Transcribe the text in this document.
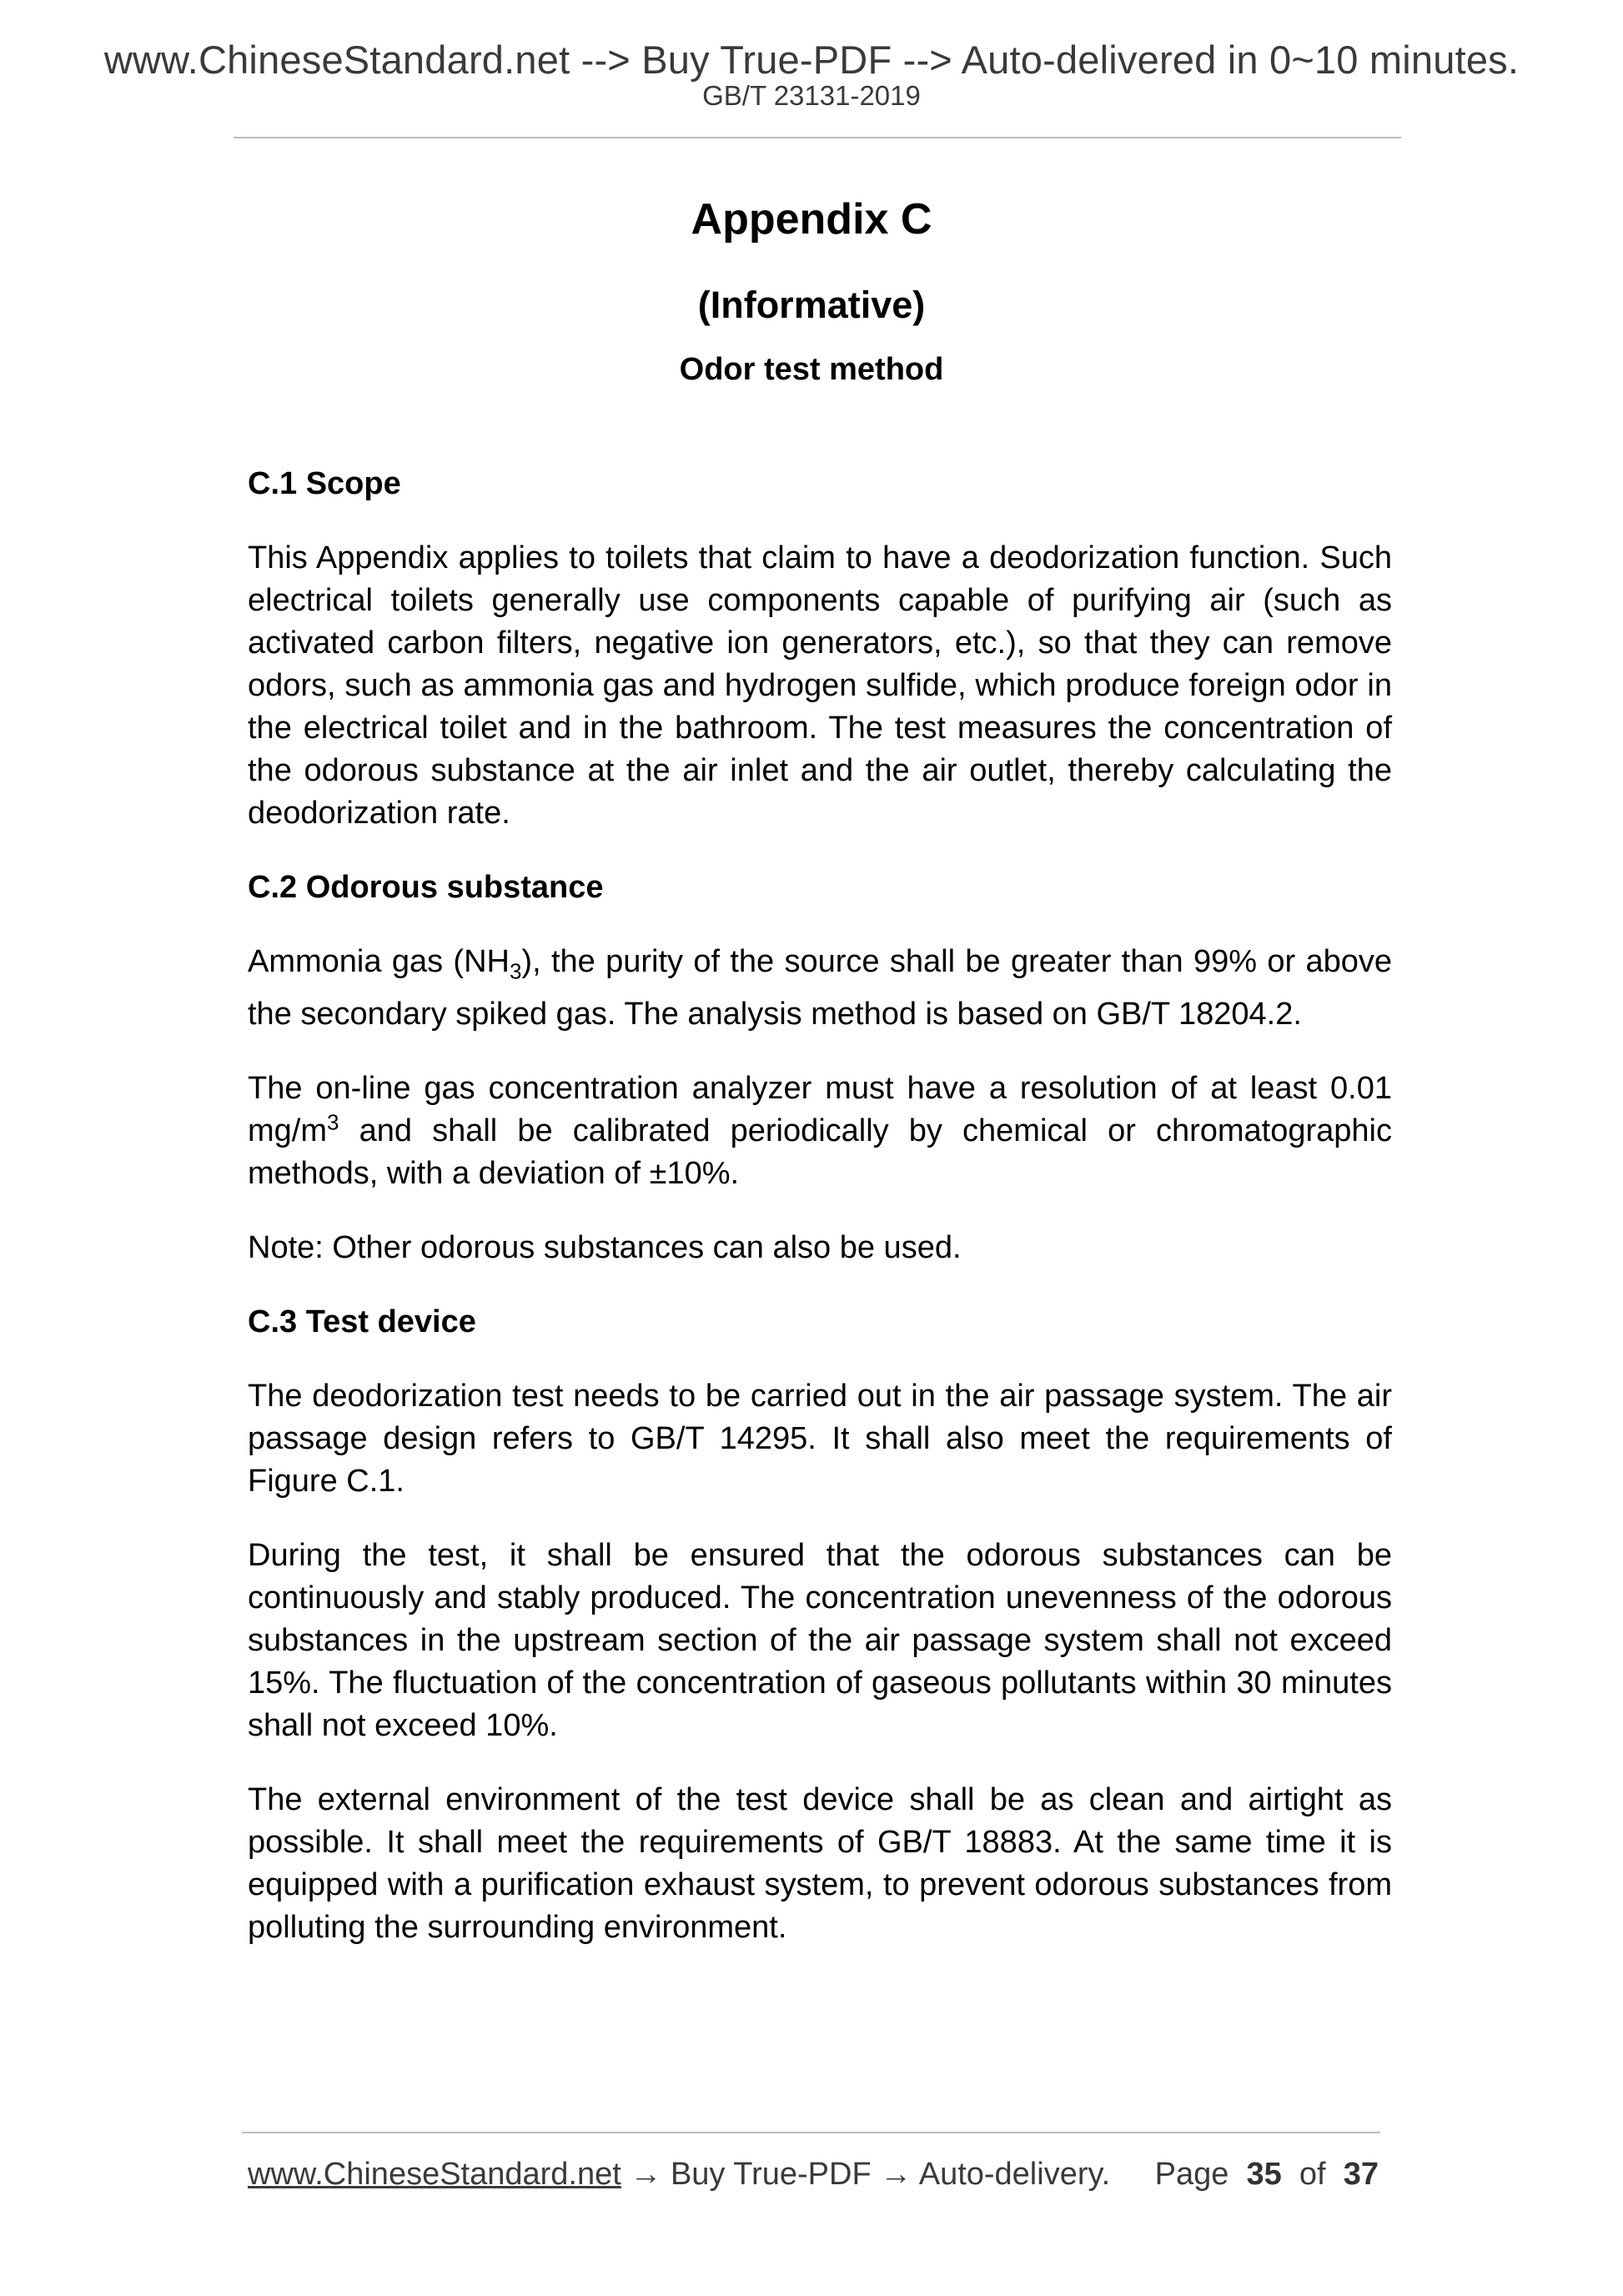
www.ChineseStandard.net --> Buy True-PDF --> Auto-delivered in 0~10 minutes.
GB/T 23131-2019
Appendix C
(Informative)
Odor test method

C.1 Scope

This Appendix applies to toilets that claim to have a deodorization function. Such electrical toilets generally use components capable of purifying air (such as activated carbon filters, negative ion generators, etc.), so that they can remove odors, such as ammonia gas and hydrogen sulfide, which produce foreign odor in the electrical toilet and in the bathroom. The test measures the concentration of the odorous substance at the air inlet and the air outlet, thereby calculating the deodorization rate.

C.2 Odorous substance

Ammonia gas $(NH_3)$, the purity of the source shall be greater than 99% or above the secondary spiked gas. The analysis method is based on GB/T 18204.2.

The on-line gas concentration analyzer must have a resolution of at least 0.01 $mg/m^3$ and shall be calibrated periodically by chemical or chromatographic methods, with a deviation of ±10%.

Note: Other odorous substances can also be used.

C.3 Test device

The deodorization test needs to be carried out in the air passage system. The air passage design refers to GB/T 14295. It shall also meet the requirements of Figure C.1.

During the test, it shall be ensured that the odorous substances can be continuously and stably produced. The concentration unevenness of the odorous substances in the upstream section of the air passage system shall not exceed 15%. The fluctuation of the concentration of gaseous pollutants within 30 minutes shall not exceed 10%.

The external environment of the test device shall be as clean and airtight as possible. It shall meet the requirements of GB/T 18883. At the same time it is equipped with a purification exhaust system, to prevent odorous substances from polluting the surrounding environment.

www.ChineseStandard.net → Buy True-PDF → Auto-delivery. Page 35 of 37
